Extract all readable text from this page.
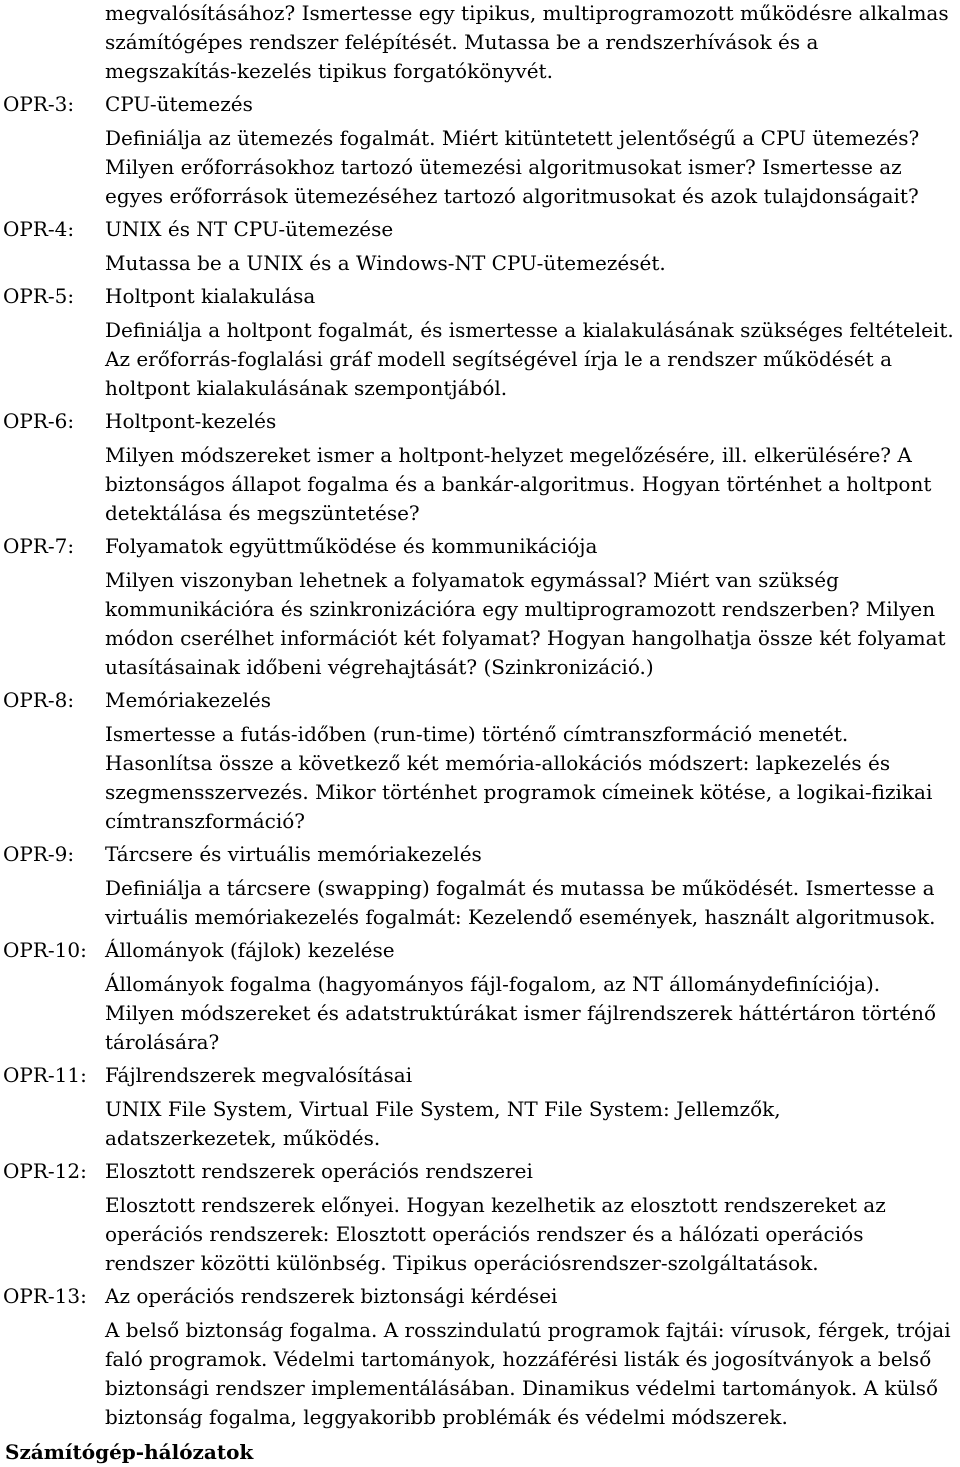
megvalósításához? Ismertesse egy tipikus, multiprogramozott működésre alkalmas számítógépes rendszer felépítését. Mutassa be a rendszerhívások és a megszakítás-kezelés tipikus forgatókönyvét.
OPR-3:	CPU-ütemezés
Definiálja az ütemezés fogalmát. Miért kitüntetett jelentőségű a CPU ütemezés? Milyen erőforrásokhoz tartozó ütemezési algoritmusokat ismer? Ismertesse az egyes erőforrások ütemezéséhez tartozó algoritmusokat és azok tulajdonságait?
OPR-4:	UNIX és NT CPU-ütemezése
Mutassa be a UNIX és a Windows-NT CPU-ütemezését.
OPR-5:	Holtpont kialakulása
Definiálja a holtpont fogalmát, és ismertesse a kialakulásának szükséges feltételeit. Az erőforrás-foglalási gráf modell segítségével írja le a rendszer működését a holtpont kialakulásának szempontjából.
OPR-6:	Holtpont-kezelés
Milyen módszereket ismer a holtpont-helyzet megelőzésére, ill. elkerülésére? A biztonságos állapot fogalma és a bankár-algoritmus. Hogyan történhet a holtpont detektálása és megszüntetése?
OPR-7:	Folyamatok együttműködése és kommunikációja
Milyen viszonyban lehetnek a folyamatok egymással? Miért van szükség kommunikációra és szinkronizációra egy multiprogramozott rendszerben? Milyen módon cserélhet információt két folyamat? Hogyan hangolhatja össze két folyamat utasításainak időbeni végrehajtását? (Szinkronizáció.)
OPR-8:	Memóriakezelés
Ismertesse a futás-időben (run-time) történő címtranszformáció menetét. Hasonlítsa össze a következő két memória-allokációs módszert: lapkezelés és szegmensszervezés. Mikor történhet programok címeinek kötése, a logikai-fizikai címtranszformáció?
OPR-9:	Tárcsere és virtuális memóriakezelés
Definiálja a tárcsere (swapping) fogalmát és mutassa be működését. Ismertesse a virtuális memóriakezelés fogalmát: Kezelendő események, használt algoritmusok.
OPR-10: Állományok (fájlok) kezelése
Állományok fogalma (hagyományos fájl-fogalom, az NT állománydefiníciója). Milyen módszereket és adatstruktúrákat ismer fájlrendszerek háttértáron történő tárolására?
OPR-11: Fájlrendszerek megvalósításai
UNIX File System, Virtual File System, NT File System: Jellemzők, adatszerkezetek, működés.
OPR-12: Elosztott rendszerek operációs rendszerei
Elosztott rendszerek előnyei. Hogyan kezelhetik az elosztott rendszereket az operációs rendszerek: Elosztott operációs rendszer és a hálózati operációs rendszer közötti különbség. Tipikus operációsrendszer-szolgáltatások.
OPR-13: Az operációs rendszerek biztonsági kérdései
A belső biztonság fogalma. A rosszindulatú programok fajtái: vírusok, férgek, trójai faló programok. Védelmi tartományok, hozzáférési listák és jogosítványok a belső biztonsági rendszer implementálásában. Dinamikus védelmi tartományok. A külső biztonság fogalma, leggyakoribb problémák és védelmi módszerek.
Számítógép-hálózatok
